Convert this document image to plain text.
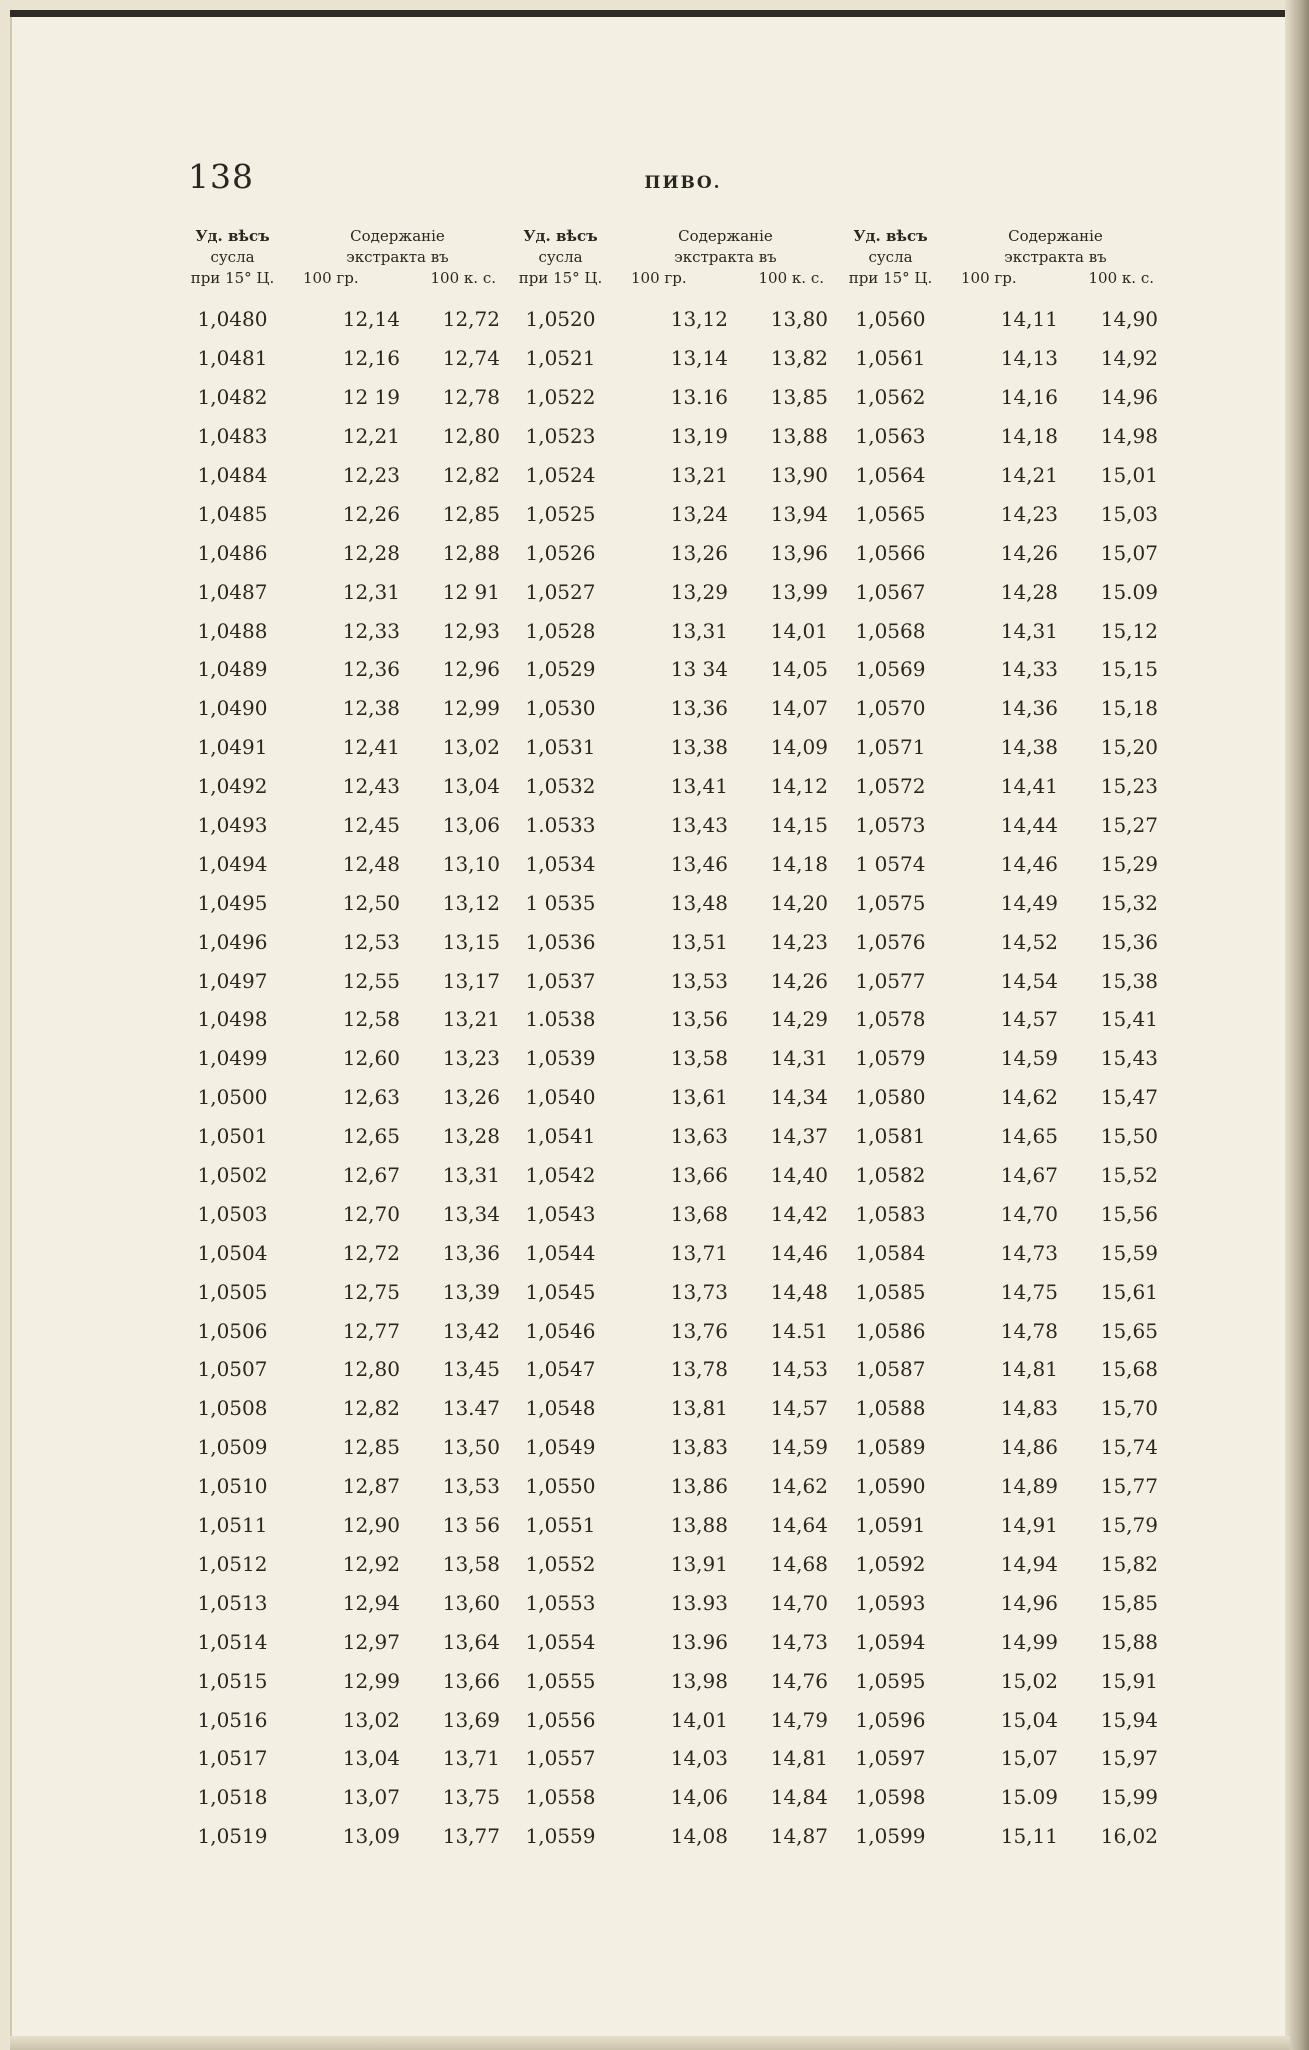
138	ПИВО.
Уд. вѣсъ
сусла
при 15° Ц.
Содержаніе
экстракта въ
100 гр.	100 к. с.
1,0480	12,14	12,72
1,0481	12,16	12,74
1,0482	12 19	12,78
1,0483	12,21	12,80
1,0484	12,23	12,82
1,0485	12,26	12,85
1,0486	12,28	12,88
1,0487	12,31	12 91
1,0488	12,33	12,93
1,0489	12,36	12,96
1,0490	12,38	12,99
1,0491	12,41	13,02
1,0492	12,43	13,04
1,0493	12,45	13,06
1,0494	12,48	13,10
1,0495	12,50	13,12
1,0496	12,53	13,15
1,0497	12,55	13,17
1,0498	12,58	13,21
1,0499	12,60	13,23
1,0500	12,63	13,26
1,0501	12,65	13,28
1,0502	12,67	13,31
1,0503	12,70	13,34
1,0504	12,72	13,36
1,0505	12,75	13,39
1,0506	12,77	13,42
1,0507	12,80	13,45
1,0508	12,82	13.47
1,0509	12,85	13,50
1,0510	12,87	13,53
1,0511	12,90	13 56
1,0512	12,92	13,58
1,0513	12,94	13,60
1,0514	12,97	13,64
1,0515	12,99	13,66
1,0516	13,02	13,69
1,0517	13,04	13,71
1,0518	13,07	13,75
1,0519	13,09	13,77
Уд. вѣсъ
сусла
при 15° Ц.
Содержаніе
экстракта въ
100 гр.	100 к. с.
1,0520	13,12	13,80
1,0521	13,14	13,82
1,0522	13.16	13,85
1,0523	13,19	13,88
1,0524	13,21	13,90
1,0525	13,24	13,94
1,0526	13,26	13,96
1,0527	13,29	13,99
1,0528	13,31	14,01
1,0529	13 34	14,05
1,0530	13,36	14,07
1,0531	13,38	14,09
1,0532	13,41	14,12
1.0533	13,43	14,15
1,0534	13,46	14,18
1 0535	13,48	14,20
1,0536	13,51	14,23
1,0537	13,53	14,26
1.0538	13,56	14,29
1,0539	13,58	14,31
1,0540	13,61	14,34
1,0541	13,63	14,37
1,0542	13,66	14,40
1,0543	13,68	14,42
1,0544	13,71	14,46
1,0545	13,73	14,48
1,0546	13,76	14.51
1,0547	13,78	14,53
1,0548	13,81	14,57
1,0549	13,83	14,59
1,0550	13,86	14,62
1,0551	13,88	14,64
1,0552	13,91	14,68
1,0553	13.93	14,70
1,0554	13.96	14,73
1,0555	13,98	14,76
1,0556	14,01	14,79
1,0557	14,03	14,81
1,0558	14,06	14,84
1,0559	14,08	14,87
Уд. вѣсъ
сусла
при 15° Ц.
Содержаніе
экстракта въ
100 гр.	100 к. с.
1,0560	14,11	14,90
1,0561	14,13	14,92
1,0562	14,16	14,96
1,0563	14,18	14,98
1,0564	14,21	15,01
1,0565	14,23	15,03
1,0566	14,26	15,07
1,0567	14,28	15.09
1,0568	14,31	15,12
1,0569	14,33	15,15
1,0570	14,36	15,18
1,0571	14,38	15,20
1,0572	14,41	15,23
1,0573	14,44	15,27
1 0574	14,46	15,29
1,0575	14,49	15,32
1,0576	14,52	15,36
1,0577	14,54	15,38
1,0578	14,57	15,41
1,0579	14,59	15,43
1,0580	14,62	15,47
1,0581	14,65	15,50
1,0582	14,67	15,52
1,0583	14,70	15,56
1,0584	14,73	15,59
1,0585	14,75	15,61
1,0586	14,78	15,65
1,0587	14,81	15,68
1,0588	14,83	15,70
1,0589	14,86	15,74
1,0590	14,89	15,77
1,0591	14,91	15,79
1,0592	14,94	15,82
1,0593	14,96	15,85
1,0594	14,99	15,88
1,0595	15,02	15,91
1,0596	15,04	15,94
1,0597	15,07	15,97
1,0598	15.09	15,99
1,0599	15,11	16,02
